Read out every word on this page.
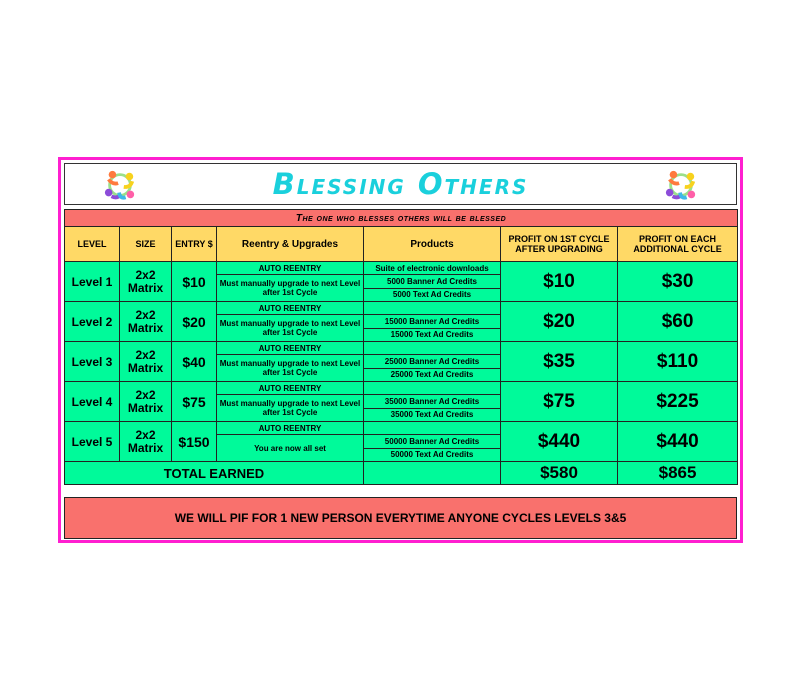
Blessing Others
The one who blesses others will be blessed						
LEVEL	SIZE	ENTRY $	Reentry & Upgrades	Products	PROFIT ON 1ST CYCLE AFTER UPGRADING	PROFIT ON EACH ADDITIONAL CYCLE
Level 1	2x2 Matrix	$10	AUTO REENTRY	Suite of electronic downloads	$10	$30
			Must manually upgrade to next Level after 1st Cycle	5000 Banner Ad Credits		
				5000 Text Ad Credits		
Level 2	2x2 Matrix	$20	AUTO REENTRY		$20	$60
			Must manually upgrade to next Level after 1st Cycle	15000 Banner Ad Credits		
				15000 Text Ad Credits		
Level 3	2x2 Matrix	$40	AUTO REENTRY		$35	$110
			Must manually upgrade to next Level after 1st Cycle	25000 Banner Ad Credits		
				25000 Text Ad Credits		
Level 4	2x2 Matrix	$75	AUTO REENTRY		$75	$225
			Must manually upgrade to next Level after 1st Cycle	35000 Banner Ad Credits		
				35000 Text Ad Credits		
Level 5	2x2 Matrix	$150	AUTO REENTRY		$440	$440
			You are now all set	50000 Banner Ad Credits		
				50000 Text Ad Credits		
TOTAL EARNED					$580	$865
WE WILL PIF FOR 1 NEW PERSON EVERYTIME ANYONE CYCLES LEVELS 3&5
